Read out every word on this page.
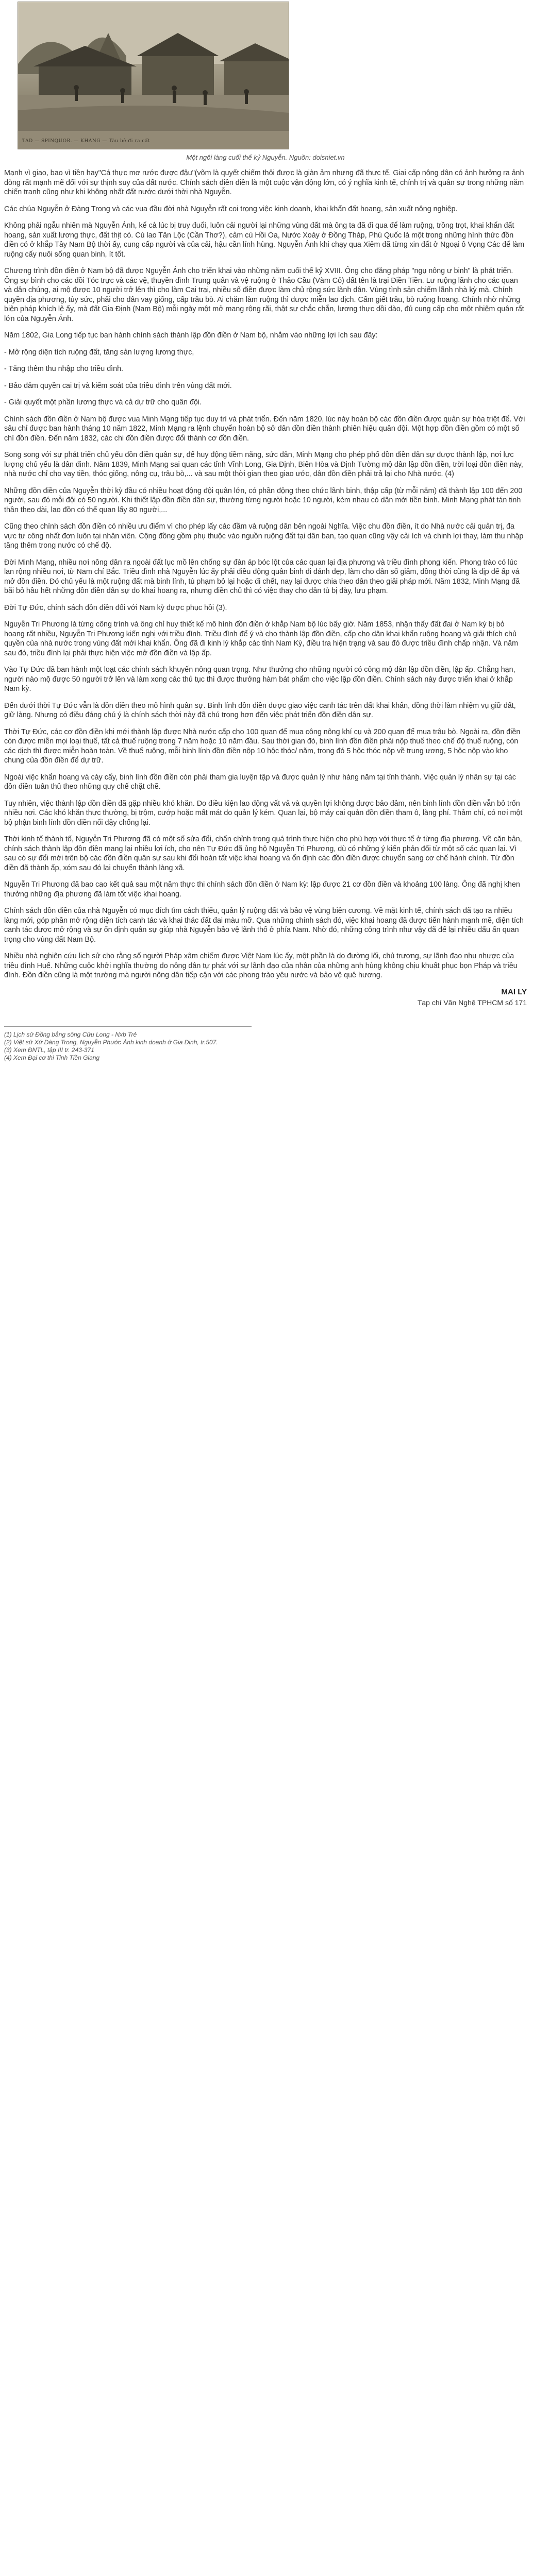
TAD — SPINQUOR. — KHANG — Tàu bè đi ra cất
Một ngôi làng cuối thế kỷ Nguyễn. Nguồn: doisniet.vn

Mạnh vì giao, bao vì tiền hay"Cá thực mơ rước được đậu"(võm là quyết chiếm thôi được là giàn ảm nhưng đã thực tế. Giai cấp nông dân có ảnh hưởng ra ảnh dòng rất mạnh mẽ đối với sự thịnh suy của đất nước. Chính sách điền điền là một cuộc vận động lớn, có ý nghĩa kinh tế, chính trị và quân sự trong những năm chiến tranh cũng như khi không nhất đất nước dưới thời nhà Nguyễn.

Các chúa Nguyễn ở Đàng Trong và các vua đầu đời nhà Nguyễn rất coi trọng việc kinh doanh, khai khẩn đất hoang, sản xuất nông nghiệp.

Không phải ngẫu nhiên mà Nguyễn Ánh, kể cả lúc bị truy đuổi, luôn cải người lại những vùng đất mà ông ta đã đi qua để làm ruộng, trồng trọt, khai khẩn đất hoang, sản xuất lương thực, đất thịt có. Cù lao Tân Lộc (Cần Thơ?), cảm cù Hồi Oa, Nước Xoáy ở Đồng Tháp, Phú Quốc là một trong những hình thức đồn điền có ở khắp Tây Nam Bộ thời ấy, cung cấp người và của cải, hậu cần lính hùng. Nguyễn Ánh khi chạy qua Xiêm đã từng xin đất ở Ngoại ô Vọng Các để làm ruộng cấy nuôi sống quan binh, ít tốt.

Chương trình đồn điền ở Nam bộ đã được Nguyễn Ánh cho triển khai vào những năm cuối thế kỷ XVIII. Ông cho đăng pháp "ngụ nông ư binh" là phát triển. Ông sự bình cho các đồi Tóc trực và các vệ, thuyền đình Trung quân và vệ ruộng ở Thảo Cầu (Vàm Cỏ) đất tên là trại Điền Tiền. Lư ruộng lãnh cho các quan và dân chúng, ai mộ được 10 người trở lên thì cho làm Cai trại, nhiều số điền được làm chủ rộng sức lãnh dân. Vùng tình sản chiếm lãnh nhà kỳ mà. Chính quyền địa phương, tùy sức, phải cho dân vay giống, cấp trâu bò. Ai chăm làm ruộng thì được miễn lao dịch. Cấm giết trâu, bò ruộng hoang. Chính nhờ những biện pháp khích lệ ấy, mà đất Gia Định (Nam Bộ) mỗi ngày một mở mang rộng rãi, thật sự chắc chắn, lương thực dồi dào, đủ cung cấp cho một nhiệm quân rất lớn của Nguyễn Ánh.

Năm 1802, Gia Long tiếp tục ban hành chính sách thành lập đồn điền ở Nam bộ, nhằm vào những lợi ích sau đây:

- Mở rộng diện tích ruộng đất, tăng sản lượng lương thực,

- Tăng thêm thu nhập cho triều đình.

- Bảo đảm quyền cai trị và kiểm soát của triều đình trên vùng đất mới.

- Giải quyết một phần lương thực và cả dự trữ cho quân đội.

Chính sách đồn điền ở Nam bộ được vua Minh Mạng tiếp tục duy trì và phát triển. Đến năm 1820, lúc này hoàn bộ các đồn điền được quản sự hóa triệt để. Với sâu chỉ được ban hành tháng 10 năm 1822, Minh Mạng ra lệnh chuyển hoàn bộ sở dân đồn điền thành phiên hiệu quân đội. Một hợp đồn điền gồm có một số chí đồn điền. Đến năm 1832, các chi đồn điền được đổi thành cơ đồn điền.

Song song với sự phát triển chủ yếu đồn điền quân sự, để huy động tiềm năng, sức dân, Minh Mạng cho phép phổ đồn điền dân sự được thành lập, nơi lực lượng chủ yếu là dân đinh. Năm 1839, Minh Mạng sai quan các tỉnh Vĩnh Long, Gia Định, Biên Hòa và Định Tường mộ dân lập đồn điền, trời loại đồn điền này, nhà nước chỉ cho vay tiền, thóc giống, nông cụ, trâu bò,... và sau một thời gian theo giao ước, dân đồn điền phải trả lại cho Nhà nước. (4)

Những đồn điền của Nguyễn thời kỳ đầu có nhiều hoạt động đội quân lớn, có phần động theo chức lãnh binh, thập cấp (từ mỗi năm) đã thành lập 100 đến 200 người, sau đó mỗi đội có 50 người. Khi thiết lập đồn điền dân sự, thường từng người hoặc 10 người, kèm nhau có dân mới tiền binh. Minh Mạng phát tán tinh thần theo dài, lao đồn có thể quan lấy 80 người,...

Cũng theo chính sách đồn điền có nhiều ưu điểm vì cho phép lấy các đầm và ruộng dân bên ngoài Nghĩa. Việc chu đồn điền, ít do Nhà nước cải quản trị, đa vực tư công nhất đơn luôn tại nhân viên. Cộng đồng gồm phụ thuộc vào nguồn ruộng đất tại dân ban, tạo quan cũng vậy cải ích và chinh lợi thay, làm thu nhập tăng thêm trong nước có chế độ.

Đời Minh Mạng, nhiều nơi nông dân ra ngoài đất lục mồ lên chống sự đàn áp bóc lột của các quan lại địa phương và triều đình phong kiến. Phong trào có lúc lan rộng nhiều nơi, từ Nam chí Bắc. Triều đình nhà Nguyễn lúc ấy phải điều động quân binh đi đánh dẹp, làm cho dân số giảm, đồng thời cũng là dịp để ấp vá mở đồn điền. Đó chủ yếu là một ruộng đất mà binh lính, tù phạm bỏ lại hoặc đi chết, nay lại được chia theo dân theo giải pháp mới. Năm 1832, Minh Mạng đã bãi bỏ hầu hết những đồn điền dân sự do khai hoang ra, nhưng điền chủ thì có việc thay cho dân tù bị đày, lưu phạm.

Đời Tự Đức, chính sách đồn điền đối với Nam kỳ được phục hồi (3).

Nguyễn Tri Phương là từng công trình và ông chỉ huy thiết kế mô hình đồn điền ở khắp Nam bộ lúc bấy giờ. Năm 1853, nhận thấy đất đai ở Nam kỳ bị bỏ hoang rất nhiều, Nguyễn Tri Phương kiến nghị với triều đình. Triều đình để ý và cho thành lập đồn điền, cấp cho dân khai khẩn ruộng hoang và giải thích chủ quyền của nhà nước trong vùng đất mới khai khẩn. Ông đã đi kinh lý khắp các tỉnh Nam Kỳ, điều tra hiện trạng và sau đó được triều đình chấp nhận. Và năm sau đó, triều đình lại phải thực hiện việc mở đồn điền và lập ấp.

Vào Tự Đức đã ban hành một loạt các chính sách khuyến nông quan trọng. Như thưởng cho những người có công mộ dân lập đồn điền, lập ấp. Chẳng hạn, người nào mộ được 50 người trở lên và làm xong các thủ tục thì được thưởng hàm bát phẩm cho việc lập đồn điền. Chính sách này được triển khai ở khắp Nam kỳ.

Đến dưới thời Tự Đức vẫn là đồn điền theo mô hình quân sự. Binh lính đồn điền được giao việc canh tác trên đất khai khẩn, đồng thời làm nhiệm vụ giữ đất, giữ làng. Nhưng có điều đáng chú ý là chính sách thời này đã chú trọng hơn đến việc phát triển đồn điền dân sự.

Thời Tự Đức, các cơ đồn điền khi mới thành lập được Nhà nước cấp cho 100 quan để mua công nông khí cụ và 200 quan để mua trâu bò. Ngoài ra, đồn điền còn được miễn mọi loại thuế, tất cả thuế ruộng trong 7 năm hoặc 10 năm đầu. Sau thời gian đó, binh lính đồn điền phải nộp thuế theo chế độ thuế ruộng, còn các dịch thì được miễn hoàn toàn. Về thuế ruộng, mỗi binh lính đồn điền nộp 10 hộc thóc/ năm, trong đó 5 hộc thóc nộp về trung ương, 5 hộc nộp vào kho chung của đồn điền để dự trữ.

Ngoài việc khẩn hoang và cày cấy, binh lính đồn điền còn phải tham gia luyện tập và được quản lý như hàng năm tại tỉnh thành. Việc quản lý nhân sự tại các đồn điền tuân thủ theo những quy chế chặt chẽ.

Tuy nhiên, việc thành lập đồn điền đã gặp nhiều khó khăn. Do điều kiện lao động vất vả và quyền lợi không được bảo đảm, nên binh lính đồn điền vẫn bỏ trốn nhiều nơi. Các khó khăn thực thường, bị trộm, cướp hoặc mất mát do quản lý kém. Quan lại, bộ máy cai quản đồn điền tham ô, làng phí. Thảm chí, có nơi một bộ phận binh lính đồn điền nổi dậy chống lại.

Thời kinh tế thành tố, Nguyễn Tri Phương đã có một số sửa đổi, chấn chỉnh trong quá trình thực hiện cho phù hợp với thực tế ở từng địa phương. Về căn bản, chính sách thành lập đồn điền mang lại nhiều lợi ích, cho nên Tự Đức đã ủng hộ Nguyễn Tri Phương, dù có những ý kiến phản đối từ một số các quan lại. Vì sau có sự đổi mới trên bộ các đồn điền quân sự sau khi đổi hoàn tất việc khai hoang và ổn định các đồn điền được chuyển sang cơ chế hành chính. Từ đồn điền đã thành ấp, xóm sau đó lại chuyển thành làng xã.

Nguyễn Tri Phương đã bao cao kết quả sau một năm thực thi chính sách đồn điền ở Nam kỳ: lập được 21 cơ đồn điền và khoảng 100 làng. Ông đã nghị khen thưởng những địa phương đã làm tốt việc khai hoang.

Chính sách đồn điền của nhà Nguyễn có mục đích tìm cách thiếu, quản lý ruộng đất và bảo vệ vùng biên cương. Về mặt kinh tế, chính sách đã tạo ra nhiều làng mới, góp phần mở rộng diện tích canh tác và khai thác đất đai màu mỡ. Qua những chính sách đó, việc khai hoang đã được tiến hành mạnh mẽ, diện tích canh tác được mở rộng và sự ổn định quân sự giúp nhà Nguyễn bảo vệ lãnh thổ ở phía Nam. Nhờ đó, những công trình như vậy đã để lại nhiều dấu ấn quan trọng cho vùng đất Nam Bộ.

Nhiều nhà nghiên cứu lịch sử cho rằng số người Pháp xâm chiếm được Việt Nam lúc ấy, một phần là do đường lối, chủ trương, sự lãnh đạo nhu nhược của triều đình Huế. Những cuộc khởi nghĩa thường do nông dân tự phát với sự lãnh đạo của nhân của những anh hùng không chịu khuất phục bọn Pháp và triều đình. Đồn điền cũng là một trường mà người nông dân tiếp cận với các phong trào yêu nước và bảo vệ quê hương.

MAI LY
Tạp chí Văn Nghệ TPHCM số 171
(1) Lịch sử Đồng bằng sông Cửu Long - Nxb Trẻ
(2) Việt sử Xứ Đàng Trong, Nguyễn Phước Ánh kinh doanh ở Gia Định, tr.507.
(3) Xem ĐNTL, tập III tr. 243-371
(4) Xem Đại cơ thi Tinh Tiền Giang
